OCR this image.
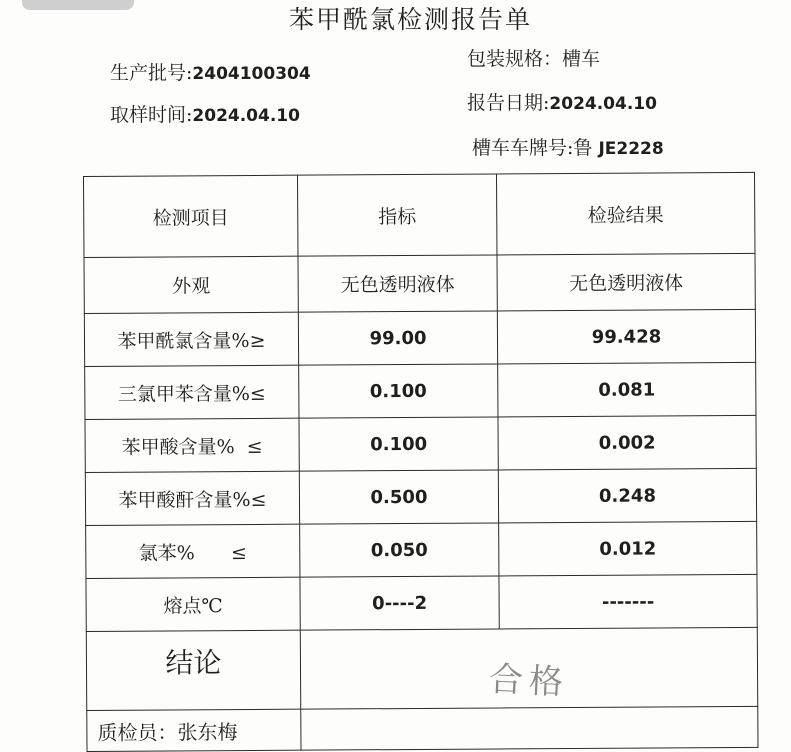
苯甲酰氯检测报告单
生产批号:2404100304
包装规格：槽车
取样时间:2024.04.10
报告日期:2024.04.10
槽车车牌号:鲁 JE2228
检测项目	指标	检验结果
外观	无色透明液体	无色透明液体
苯甲酰氯含量%≥	99.00	99.428
三氯甲苯含量%≤	0.100	0.081
苯甲酸含量%  ≤	0.100	0.002
苯甲酸酐含量%≤	0.500	0.248
氯苯%      ≤	0.050	0.012
熔点℃	0----2	-------

结论	合格	

质检员：张东梅		
